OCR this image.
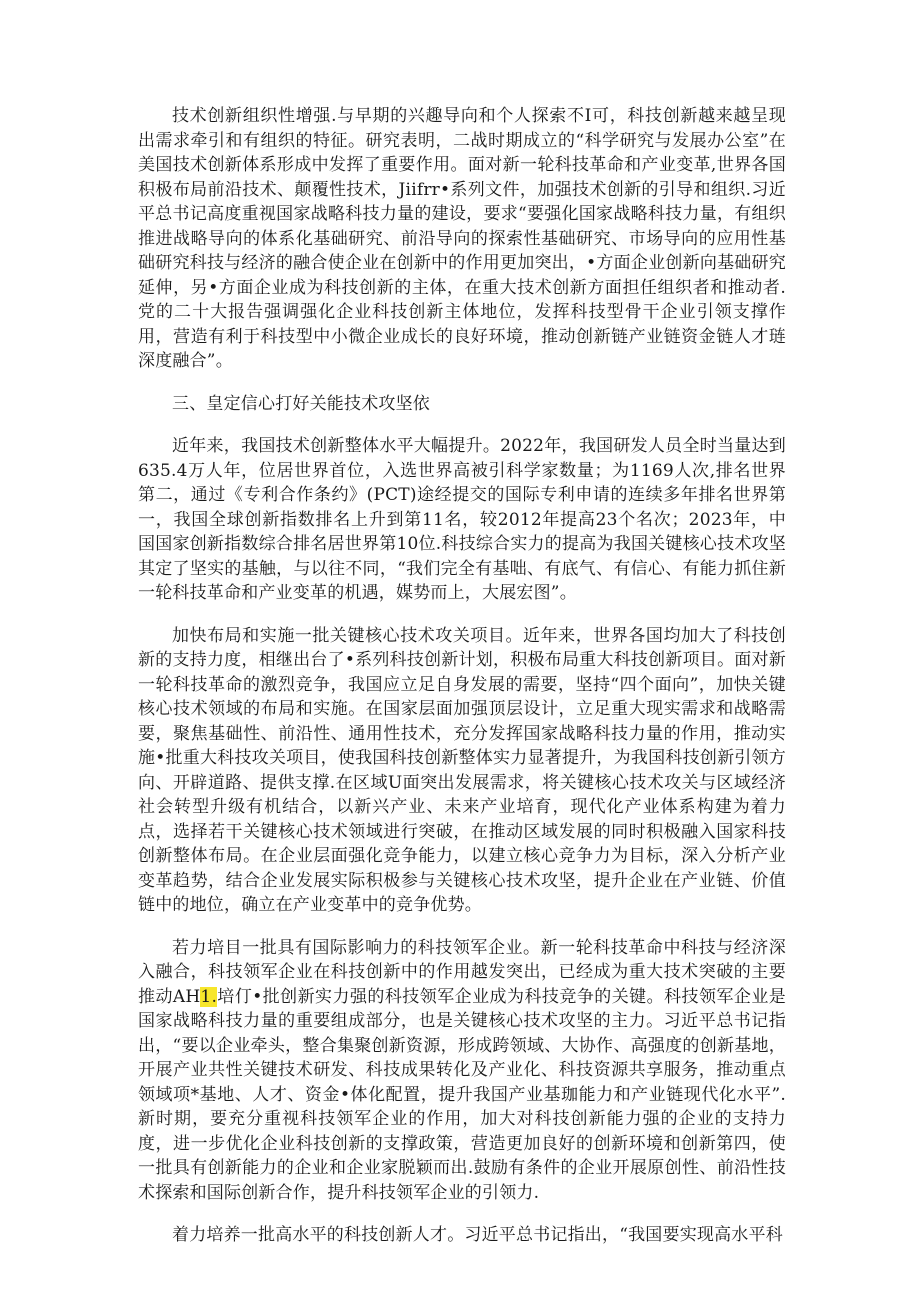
技术创新组织性增强.与早期的兴趣导向和个人探索不I可，科技创新越来越呈现出需求牵引和有组织的特征。研究表明，二战时期成立的“科学研究与发展办公室”在美国技术创新体系形成中发挥了重要作用。面对新一轮科技革命和产业变革,世界各国积极布局前沿技术、颠覆性技术，Jiifrr•系列文件，加强技术创新的引导和组织.习近平总书记高度重视国家战略科技力量的建设，要求“要强化国家战略科技力量，有组织推进战略导向的体系化基础研究、前沿导向的探索性基础研究、市场导向的应用性基础研究科技与经济的融合使企业在创新中的作用更加突出，•方面企业创新向基础研究延伸，另•方面企业成为科技创新的主体，在重大技术创新方面担任组织者和推动者.党的二十大报告强调强化企业科技创新主体地位，发挥科技型骨干企业引领支撑作用，营造有利于科技型中小微企业成长的良好环境，推动创新链产业链资金链人才琏深度融合”。

三、皇定信心打好关能技术攻坚依

近年来，我国技术创新整体水平大幅提升。2022年，我国研发人员全时当量达到635.4万人年，位居世界首位，入选世界高被引科学家数量；为1169人次,排名世界第二，通过《专利合作条约》(PCT)途经提交的国际专利申请的连续多年排名世界第一，我国全球创新指数排名上升到第11名，较2012年提高23个名次；2023年，中国国家创新指数综合排名居世界第10位.科技综合实力的提高为我国关键核心技术攻坚其定了坚实的基触，与以往不同，“我们完全有基咄、有底气、有信心、有能力抓住新一轮科技革命和产业变革的机遇，媒势而上，大展宏图”。

加快布局和实施一批关键核心技术攻关项目。近年来，世界各国均加大了科技创新的支持力度，相继出台了•系列科技创新计划，积极布局重大科技创新项目。面对新一轮科技革命的激烈竞争，我国应立足自身发展的需要，坚持“四个面向”，加快关键核心技术领域的布局和实施。在国家层面加强顶层设计，立足重大现实需求和战略需要，聚焦基础性、前沿性、通用性技术，充分发挥国家战略科技力量的作用，推动实施•批重大科技攻关项目，使我国科技创新整体实力显著提升，为我国科技创新引领方向、开辟道路、提供支撑.在区域U面突出发展需求，将关键核心技术攻关与区域经济社会转型升级有机结合，以新兴产业、未来产业培育，现代化产业体系构建为着力点，选择若干关键核心技术领域进行突破，在推动区域发展的同时积极融入国家科技创新整体布局。在企业层面强化竞争能力，以建立核心竞争力为目标，深入分析产业变革趋势，结合企业发展实际积极参与关键核心技术攻坚，提升企业在产业链、价值链中的地位，确立在产业变革中的竞争优势。

若力培目一批具有国际影响力的科技领军企业。新一轮科技革命中科技与经济深入融合，科技领军企业在科技创新中的作用越发突出，已经成为重大技术突破的主要推动AH1.培仃•批创新实力强的科技领军企业成为科技竞争的关键。科技领军企业是国家战略科技力量的重要组成部分，也是关键核心技术攻坚的主力。习近平总书记指出，“要以企业牵头，整合集聚创新资源，形成跨领域、大协作、高强度的创新基地，开展产业共性关键技术研发、科技成果转化及产业化、科技资源共享服务，推动重点领域项*基地、人才、资金•体化配置，提升我国产业基珈能力和产业链现代化水平”.新时期，要充分重视科技领军企业的作用，加大对科技创新能力强的企业的支持力度，进一步优化企业科技创新的支撑政策，营造更加良好的创新环境和创新第四，使一批具有创新能力的企业和企业家脱颖而出.鼓励有条件的企业开展原创性、前沿性技术探索和国际创新合作，提升科技领军企业的引领力.

着力培养一批高水平的科技创新人才。习近平总书记指出，“我国要实现高水平科
